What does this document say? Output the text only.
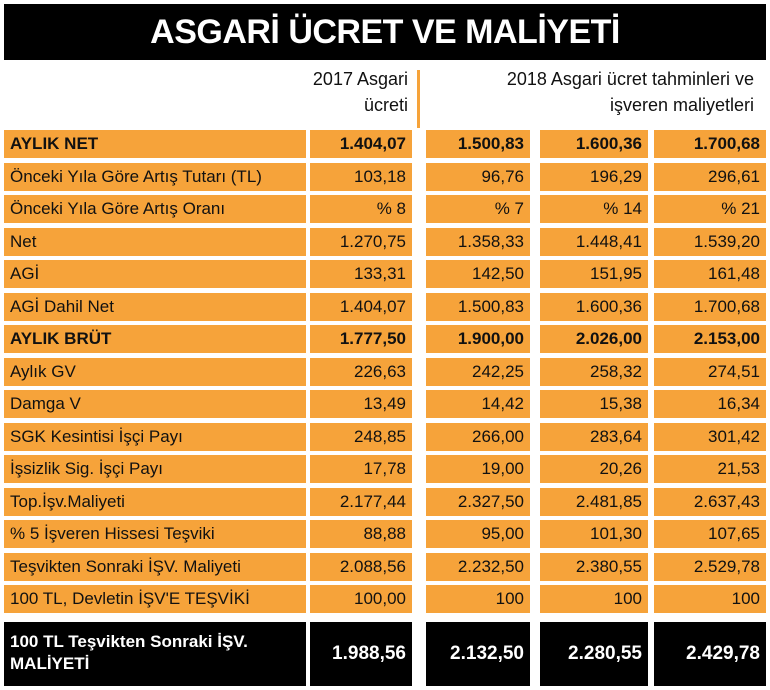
ASGARİ ÜCRET VE MALİYETİ
2017 Asgari
ücreti
2018 Asgari ücret tahminleri ve
işveren maliyetleri
AYLIK NET	1.404,07	1.500,83	1.600,36	1.700,68
Önceki Yıla Göre Artış Tutarı (TL)	103,18	96,76	196,29	296,61
Önceki Yıla Göre Artış Oranı	% 8	% 7	% 14	% 21
Net	1.270,75	1.358,33	1.448,41	1.539,20
AGİ	133,31	142,50	151,95	161,48
AGİ Dahil Net	1.404,07	1.500,83	1.600,36	1.700,68
AYLIK BRÜT	1.777,50	1.900,00	2.026,00	2.153,00
Aylık GV	226,63	242,25	258,32	274,51
Damga V	13,49	14,42	15,38	16,34
SGK Kesintisi İşçi Payı	248,85	266,00	283,64	301,42
İşsizlik Sig. İşçi Payı	17,78	19,00	20,26	21,53
Top.İşv.Maliyeti	2.177,44	2.327,50	2.481,85	2.637,43
% 5 İşveren Hissesi Teşviki	88,88	95,00	101,30	107,65
Teşvikten Sonraki İŞV. Maliyeti	2.088,56	2.232,50	2.380,55	2.529,78
100 TL, Devletin İŞV'E TEŞVİKİ	100,00	100	100	100
100 TL Teşvikten Sonraki İŞV. MALİYETİ	1.988,56	2.132,50	2.280,55	2.429,78
